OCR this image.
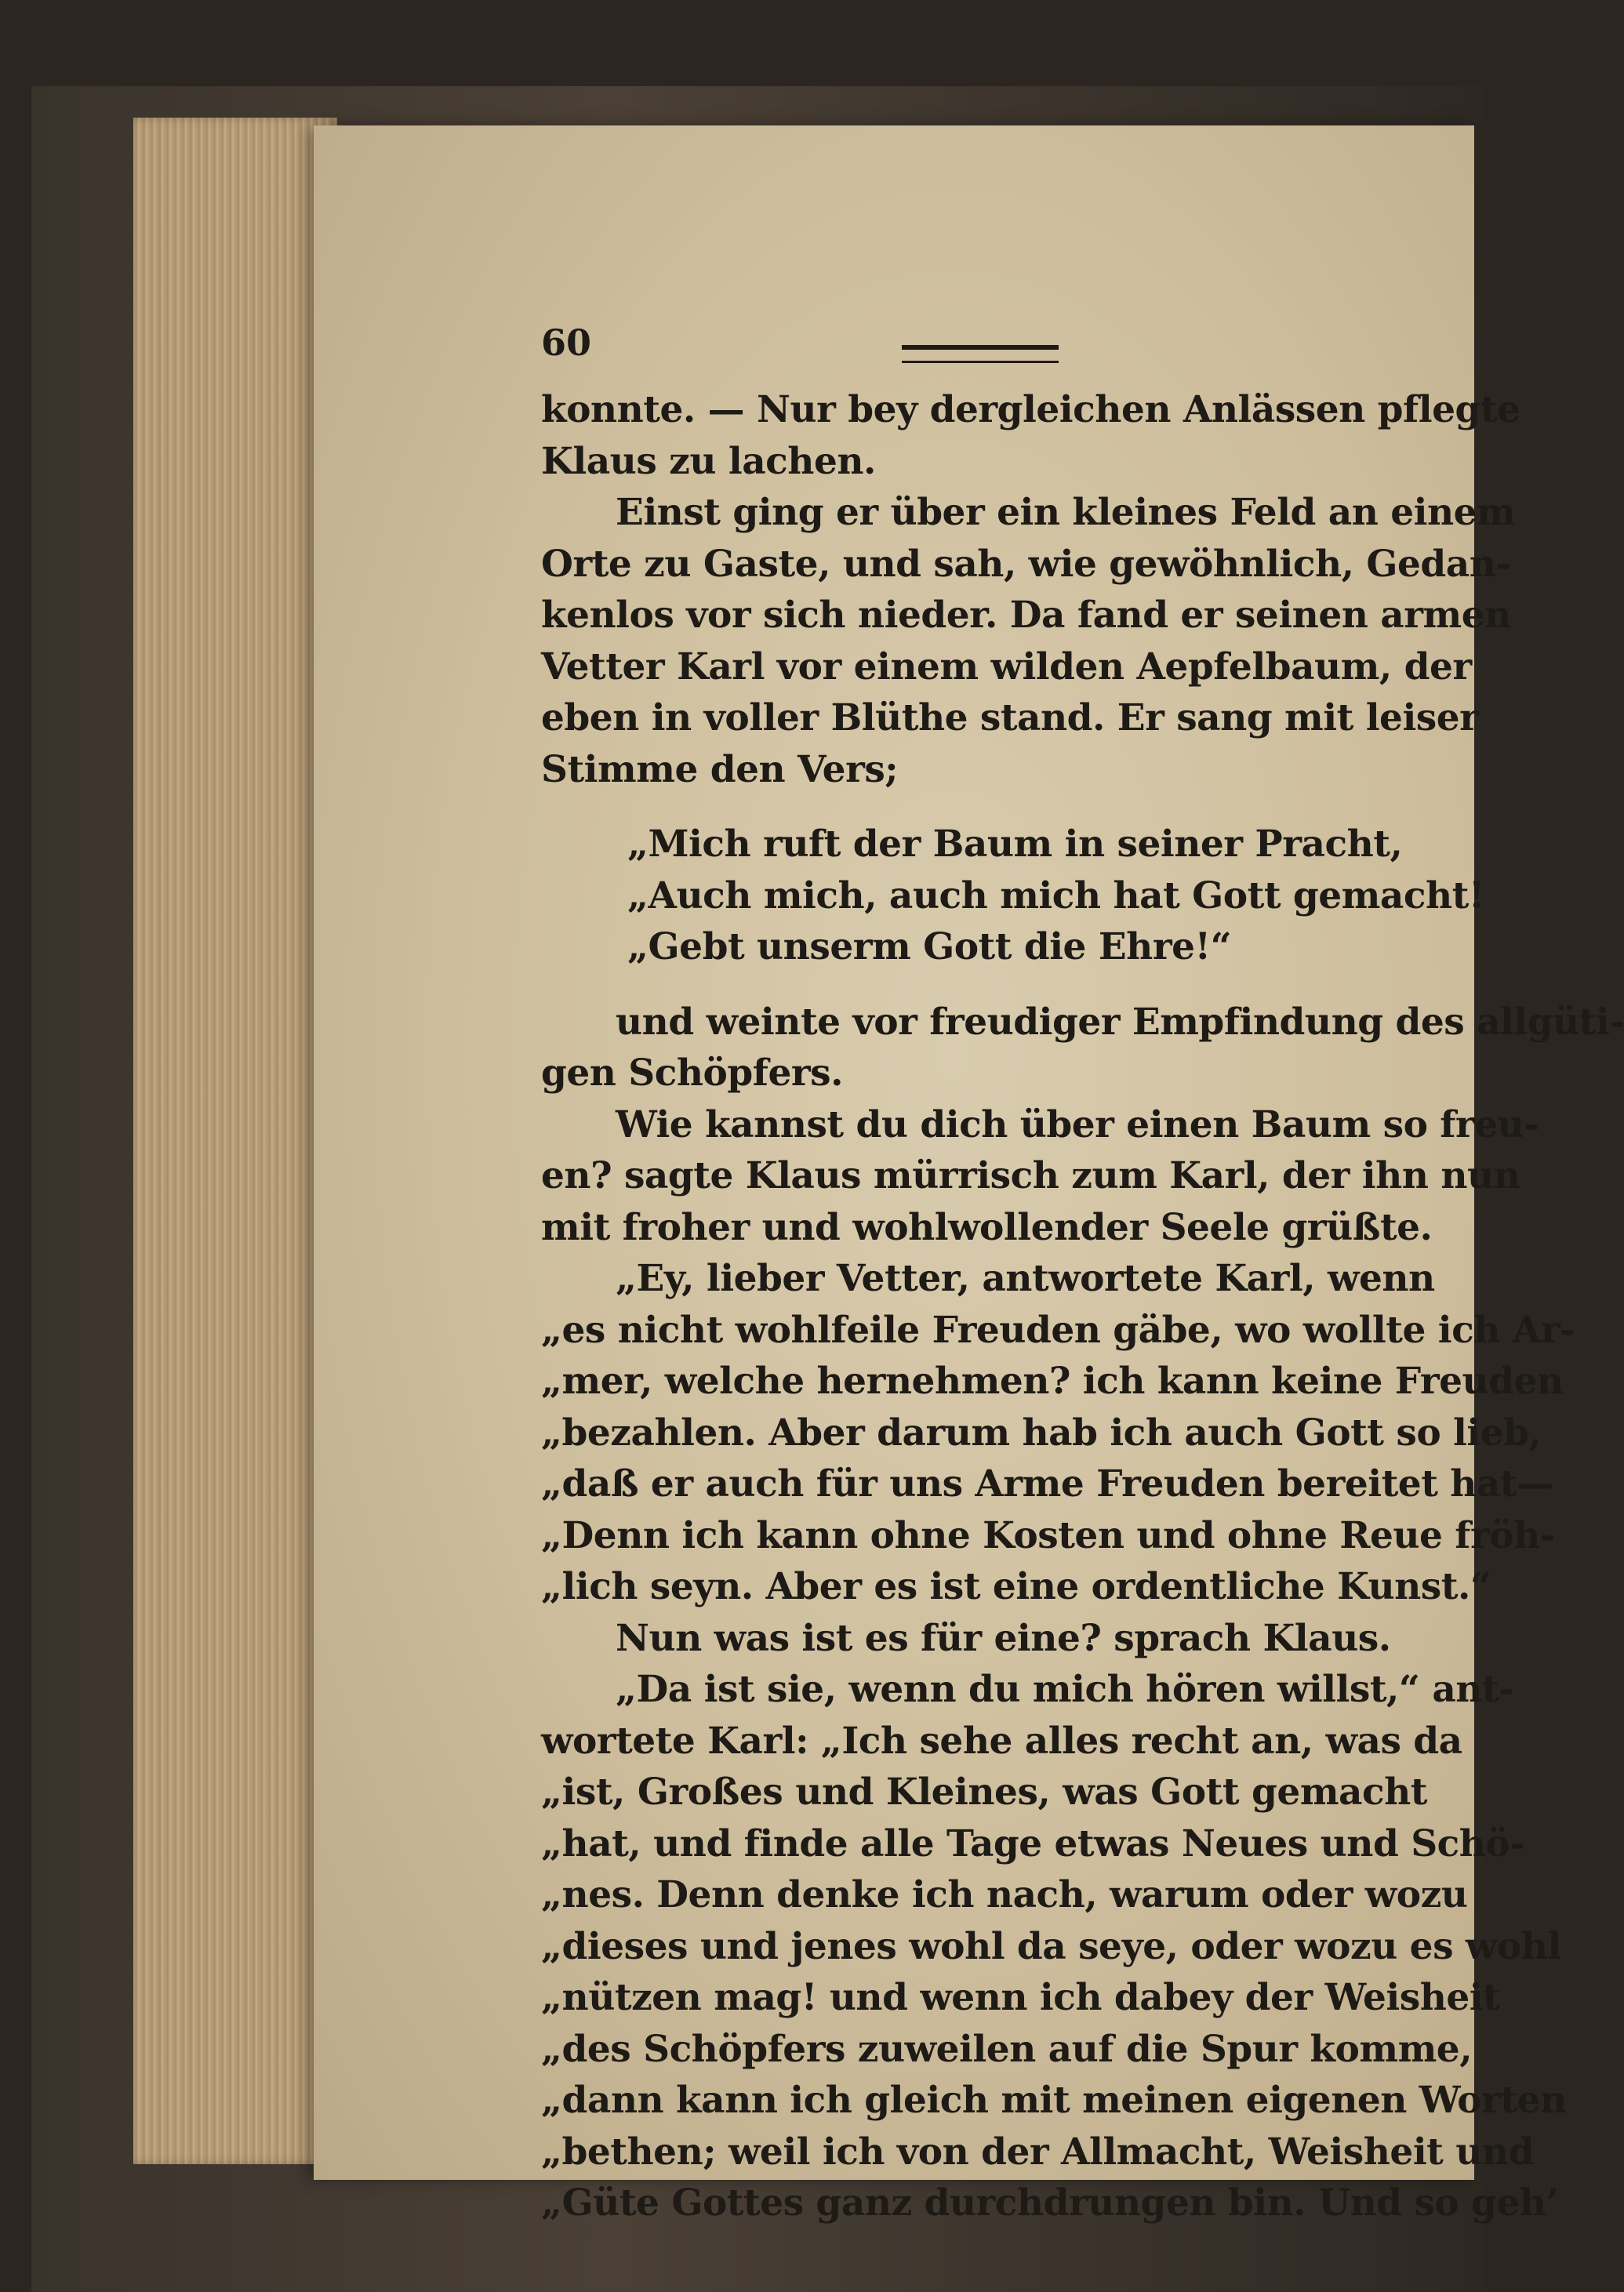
60
konnte. — Nur bey dergleichen Anlässen pflegte
Klaus zu lachen.
Einst ging er über ein kleines Feld an einem
Orte zu Gaste, und sah, wie gewöhnlich, Gedan-
kenlos vor sich nieder. Da fand er seinen armen
Vetter Karl vor einem wilden Aepfelbaum, der
eben in voller Blüthe stand. Er sang mit leiser
Stimme den Vers;
„Mich ruft der Baum in seiner Pracht,
„Auch mich, auch mich hat Gott gemacht!
„Gebt unserm Gott die Ehre!“
und weinte vor freudiger Empfindung des allgüti-
gen Schöpfers.
Wie kannst du dich über einen Baum so freu-
en? sagte Klaus mürrisch zum Karl, der ihn nun
mit froher und wohlwollender Seele grüßte.
„Ey, lieber Vetter, antwortete Karl, wenn
„es nicht wohlfeile Freuden gäbe, wo wollte ich Ar-
„mer, welche hernehmen? ich kann keine Freuden
„bezahlen. Aber darum hab ich auch Gott so lieb,
„daß er auch für uns Arme Freuden bereitet hat—
„Denn ich kann ohne Kosten und ohne Reue fröh-
„lich seyn. Aber es ist eine ordentliche Kunst.“
Nun was ist es für eine? sprach Klaus.
„Da ist sie, wenn du mich hören willst,“ ant-
wortete Karl: „Ich sehe alles recht an, was da
„ist, Großes und Kleines, was Gott gemacht
„hat, und finde alle Tage etwas Neues und Schö-
„nes. Denn denke ich nach, warum oder wozu
„dieses und jenes wohl da seye, oder wozu es wohl
„nützen mag! und wenn ich dabey der Weisheit
„des Schöpfers zuweilen auf die Spur komme,
„dann kann ich gleich mit meinen eigenen Worten
„bethen; weil ich von der Allmacht, Weisheit und
„Güte Gottes ganz durchdrungen bin. Und so geh’
